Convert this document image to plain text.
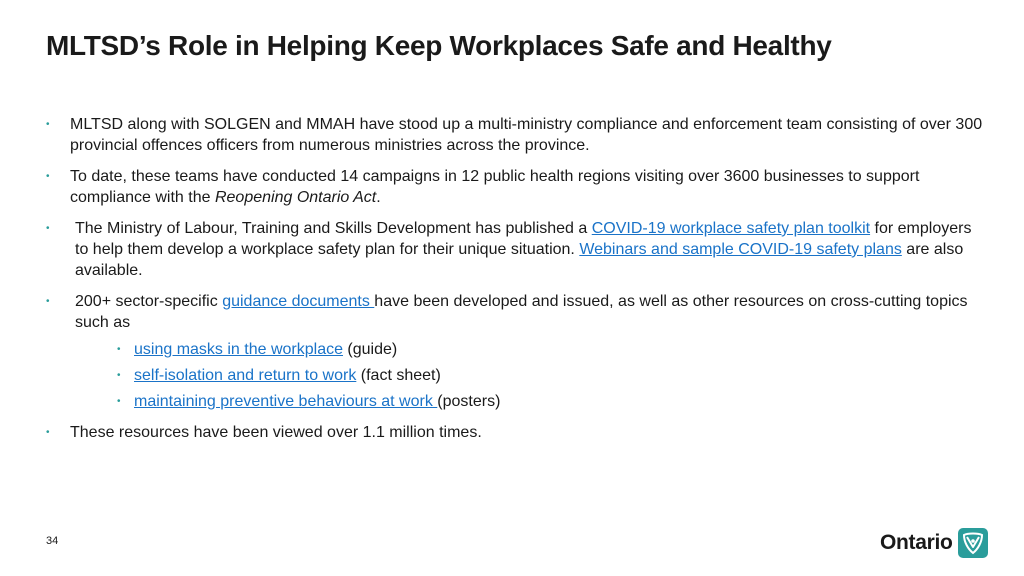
MLTSD’s Role in Helping Keep Workplaces Safe and Healthy
• MLTSD along with SOLGEN and MMAH have stood up a multi-ministry compliance and enforcement team consisting of over 300 provincial offences officers from numerous ministries across the province.
• To date, these teams have conducted 14 campaigns in 12 public health regions visiting over 3600 businesses to support compliance with the Reopening Ontario Act.
• The Ministry of Labour, Training and Skills Development has published a COVID-19 workplace safety plan toolkit for employers to help them develop a workplace safety plan for their unique situation. Webinars and sample COVID-19 safety plans are also available.
• 200+ sector-specific guidance documents have been developed and issued, as well as other resources on cross-cutting topics such as
• using masks in the workplace (guide)
• self-isolation and return to work (fact sheet)
• maintaining preventive behaviours at work (posters)
• These resources have been viewed over 1.1 million times.
34	Ontario
